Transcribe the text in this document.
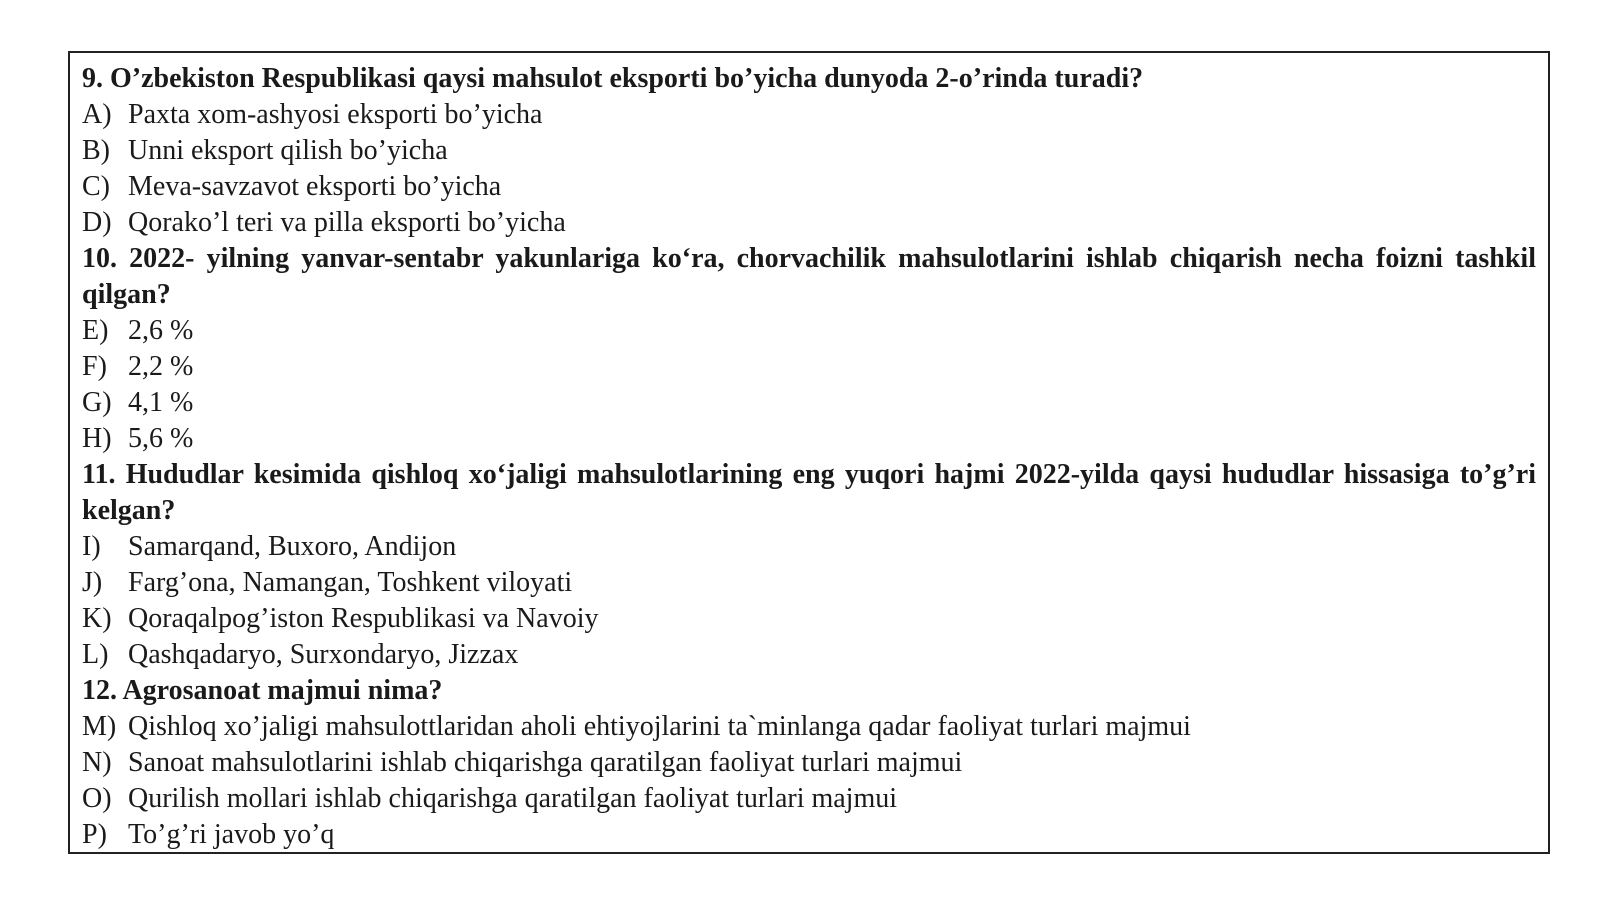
9. O’zbekiston Respublikasi qaysi mahsulot eksporti bo’yicha dunyoda 2-o’rinda turadi?
A) Paxta xom-ashyosi eksporti bo’yicha
B) Unni eksport qilish bo’yicha
C) Meva-savzavot eksporti bo’yicha
D) Qorako’l teri va pilla eksporti bo’yicha
10. 2022- yilning yanvar-sentabr yakunlariga ko‘ra, chorvachilik mahsulotlarini ishlab chiqarish necha foizni tashkil qilgan?
E) 2,6 %
F) 2,2 %
G) 4,1 %
H) 5,6 %
11. Hududlar kesimida qishloq xo‘jaligi mahsulotlarining eng yuqori hajmi 2022-yilda qaysi hududlar hissasiga to’g’ri kelgan?
I) Samarqand, Buxoro, Andijon
J) Farg’ona, Namangan, Toshkent viloyati
K) Qoraqalpog’iston Respublikasi va Navoiy
L) Qashqadaryo, Surxondaryo, Jizzax
12. Agrosanoat majmui nima?
M) Qishloq xo’jaligi mahsulottlaridan aholi ehtiyojlarini ta`minlanga qadar faoliyat turlari majmui
N) Sanoat mahsulotlarini ishlab chiqarishga qaratilgan faoliyat turlari majmui
O) Qurilish mollari ishlab chiqarishga qaratilgan faoliyat turlari majmui
P) To’g’ri javob yo’q
